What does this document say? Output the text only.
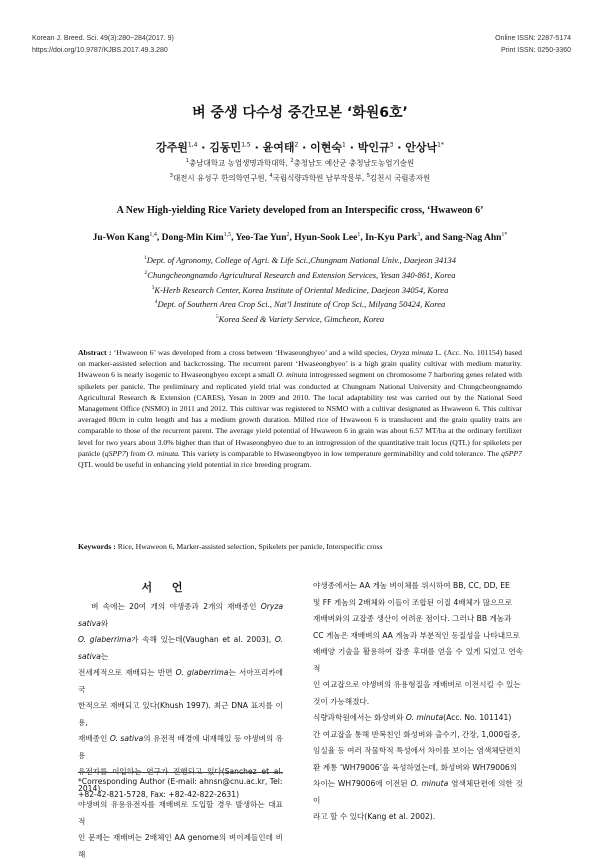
Korean J. Breed. Sci. 49(3):280~284(2017. 9)
https://doi.org/10.9787/KJBS.2017.49.3.280
Online ISSN: 2287-5174
Print ISSN: 0250-3360
벼 중생 다수성 중간모본 ‘화원6호’
강주원$^{1,4}$ · 김동민$^{1,5}$ · 윤여태$^2$ · 이현숙$^1$ · 박인규$^3$ · 안상낙$^{1*}$
$^1$충남대학교 농업생명과학대학, $^2$충청남도 예산군 충청남도농업기술원
$^3$대전시 유성구 한의학연구원, $^4$국립식량과학원 남부작물부, $^5$김천시 국립종자원
A New High-yielding Rice Variety developed from an Interspecific cross, ‘Hwaweon 6’
Ju-Won Kang$^{1,4}$, Dong-Min Kim$^{1,5}$, Yeo-Tae Yun$^2$, Hyun-Sook Lee$^1$, In-Kyu Park$^3$, and Sang-Nag Ahn$^{1*}$
$^1$Dept. of Agronomy, College of Agri. & Life Sci.,Chungnam National Univ., Daejeon 34134
$^2$Chungcheongnamdo Agricultural Research and Extension Services, Yesan 340-861, Korea
$^3$K-Herb Research Center, Korea Institute of Oriental Medicine, Daejeon 34054, Korea
$^4$Dept. of Southern Area Crop Sci., Nat’l Institute of Crop Sci., Milyang 50424, Korea
$^5$Korea Seed & Variety Service, Gimcheon, Korea
Abstract : ‘Hwaweon 6’ was developed from a cross between ‘Hwaseongbyeo’ and a wild species, Oryza minuta L. (Acc. No. 101154) based on marker-assisted selection and backcrossing. The recurrent parent ‘Hwaseongbyeo’ is a high grain quality cultivar with medium maturity. Hwaweon 6 is nearly isogenic to Hwaseongbyeo except a small O. minuta introgressed segment on chromosome 7 harboring genes related with spikelets per panicle. The preliminary and replicated yield trial was conducted at Chungnam National University and Chungcheongnamdo Agricultural Research & Extension (CARES), Yesan in 2009 and 2010. The local adaptability test was carried out by the National Seed Management Office (NSMO) in 2011 and 2012. This cultivar was registered to NSMO with a cultivar designated as Hwaweon 6. This cultivar averaged 80cm in culm length and has a medium growth duration. Milled rice of Hwaweon 6 is translucent and the grain quality traits are comparable to those of the recurrent parent. The average yield potential of Hwaweon 6 in grain was about 6.57 MT/ha at the ordinary fertilizer level for two years about 3.0% higher than that of Hwaseongbyeo due to an introgression of the quantitative trait locus (QTL) for spikelets per panicle (qSPP7) from O. minuta. This variety is comparable to Hwaseongbyeo in low temperature germinability and cold tolerance. The qSPP7 QTL would be useful in enhancing yield potential in rice breeding program.
Keywords : Rice, Hwaweon 6, Marker-assisted selection, Spikelets per panicle, Interspecific cross
서 언
​   벼 속에는 20여 개의 야생종과 2개의 재배종인 Oryza sativa와
O. glaberrima가 속해 있는데(Vaughan et al. 2003), O. sativa는
전세계적으로 재배되는 반면 O. glaberrima는 서아프리카에 국
한적으로 재배되고 있다(Khush 1997). 최근 DNA 표지를 이용,
재배종인 O. sativa의 유전적 배경에 내재해있 등 야생벼의 유용
유전자를 이입하는 연구가 진행되고 있다(Sanchez et al. 2014).
야생벼의 유용유전자를 재배벼로 도입할 경우 발생하는 대표적
인 문제는 재배벼는 2배체인 AA genome의 벼이제들인데 비해
야생종에서는 AA 게놈 벼이체를 위시하여 BB, CC, DD, EE
및 FF 게놈의 2배체와 이들이 조합된 이질 4배체가 많으므로
재배벼와의 교잡종 생산이 어려운 점이다. 그러나 BB 게놈과
CC 게놈은 재배벼의 AA 게놈과 부분적인 동질성을 나타내므로
배배양 기술을 활용하여 잡종 후대를 얻을 수 있게 되었고 연속적
인 여교잡으로 야생벼의 유용형질을 재배벼로 이전시킬 수 있는
것이 가능해졌다.
식량과학원에서는 화성벼와 O. minuta(Acc. No. 101141)
간 여교잡을 통해 반복친인 화성벼와 출수기, 간장, 1,000립중,
임실율 등 여러 작물학적 특성에서 차이를 보이는 염색체단편치
환 계통 ‘WH79006’을 육성하였는데, 화성벼와 WH79006의
차이는 WH79006에 이전된 O. minuta 염색체단편에 의한 것이
라고 할 수 있다(Kang et al. 2002).
*Corresponding Author (E-mail: ahnsn@cnu.ac.kr, Tel: +82-42-821-5728, Fax: +82-42-822-2631)
